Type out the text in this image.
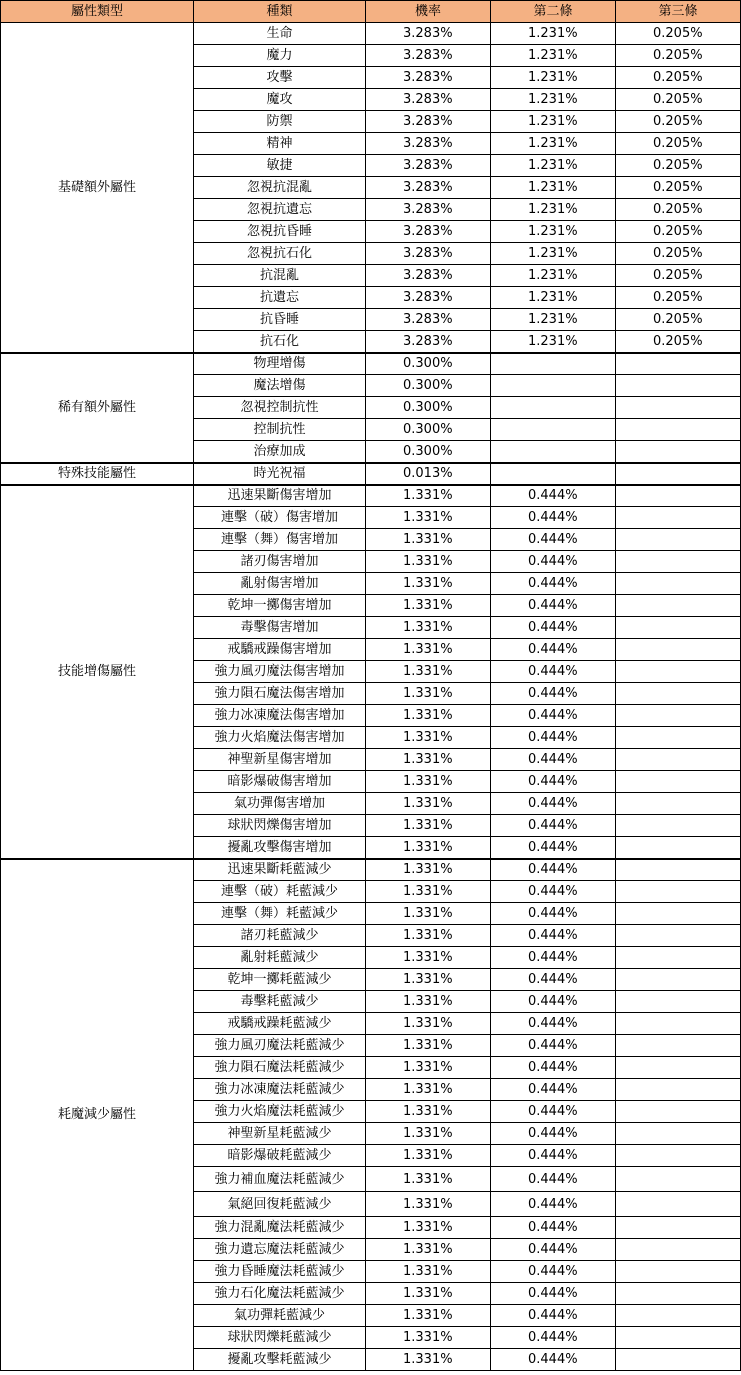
屬性類型	種類	機率	第二條	第三條
基礎額外屬性	生命	3.283%	1.231%	0.205%
	魔力	3.283%	1.231%	0.205%
	攻擊	3.283%	1.231%	0.205%
	魔攻	3.283%	1.231%	0.205%
	防禦	3.283%	1.231%	0.205%
	精神	3.283%	1.231%	0.205%
	敏捷	3.283%	1.231%	0.205%
	忽視抗混亂	3.283%	1.231%	0.205%
	忽視抗遺忘	3.283%	1.231%	0.205%
	忽視抗昏睡	3.283%	1.231%	0.205%
	忽視抗石化	3.283%	1.231%	0.205%
	抗混亂	3.283%	1.231%	0.205%
	抗遺忘	3.283%	1.231%	0.205%
	抗昏睡	3.283%	1.231%	0.205%
	抗石化	3.283%	1.231%	0.205%
稀有額外屬性	物理增傷	0.300%		
	魔法增傷	0.300%		
	忽視控制抗性	0.300%		
	控制抗性	0.300%		
	治療加成	0.300%		
特殊技能屬性	時光祝福	0.013%		
技能增傷屬性	迅速果斷傷害增加	1.331%	0.444%	
	連擊（破）傷害增加	1.331%	0.444%	
	連擊（舞）傷害增加	1.331%	0.444%	
	諸刃傷害增加	1.331%	0.444%	
	亂射傷害增加	1.331%	0.444%	
	乾坤一擲傷害增加	1.331%	0.444%	
	毒擊傷害增加	1.331%	0.444%	
	戒驕戒躁傷害增加	1.331%	0.444%	
	強力風刃魔法傷害增加	1.331%	0.444%	
	強力隕石魔法傷害增加	1.331%	0.444%	
	強力冰凍魔法傷害增加	1.331%	0.444%	
	強力火焰魔法傷害增加	1.331%	0.444%	
	神聖新星傷害增加	1.331%	0.444%	
	暗影爆破傷害增加	1.331%	0.444%	
	氣功彈傷害增加	1.331%	0.444%	
	球狀閃爍傷害增加	1.331%	0.444%	
	擾亂攻擊傷害增加	1.331%	0.444%	
耗魔減少屬性	迅速果斷耗藍減少	1.331%	0.444%	
	連擊（破）耗藍減少	1.331%	0.444%	
	連擊（舞）耗藍減少	1.331%	0.444%	
	諸刃耗藍減少	1.331%	0.444%	
	亂射耗藍減少	1.331%	0.444%	
	乾坤一擲耗藍減少	1.331%	0.444%	
	毒擊耗藍減少	1.331%	0.444%	
	戒驕戒躁耗藍減少	1.331%	0.444%	
	強力風刃魔法耗藍減少	1.331%	0.444%	
	強力隕石魔法耗藍減少	1.331%	0.444%	
	強力冰凍魔法耗藍減少	1.331%	0.444%	
	強力火焰魔法耗藍減少	1.331%	0.444%	
	神聖新星耗藍減少	1.331%	0.444%	
	暗影爆破耗藍減少	1.331%	0.444%	
	強力補血魔法耗藍減少	1.331%	0.444%	
	氣絕回復耗藍減少	1.331%	0.444%	
	強力混亂魔法耗藍減少	1.331%	0.444%	
	強力遺忘魔法耗藍減少	1.331%	0.444%	
	強力昏睡魔法耗藍減少	1.331%	0.444%	
	強力石化魔法耗藍減少	1.331%	0.444%	
	氣功彈耗藍減少	1.331%	0.444%	
	球狀閃爍耗藍減少	1.331%	0.444%	
	擾亂攻擊耗藍減少	1.331%	0.444%	
